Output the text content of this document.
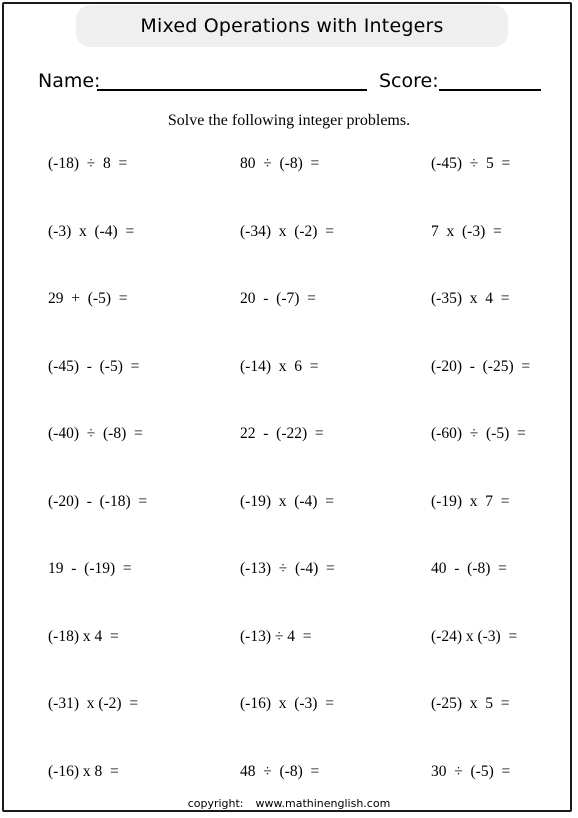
Mixed Operations with Integers
Name:	Score:
Solve the following integer problems.
(-18)  ÷  8  =	80  ÷  (-8)  =	(-45)  ÷  5  =
(-3)  x  (-4)  =	(-34)  x  (-2)  =	7  x  (-3)  =
29  +  (-5)  =	20  -  (-7)  =	(-35)  x  4  =
(-45)  -  (-5)  =	(-14)  x  6  =	(-20)  -  (-25)  =
(-40)  ÷  (-8)  =	22  -  (-22)  =	(-60)  ÷  (-5)  =
(-20)  -  (-18)  =	(-19)  x  (-4)  =	(-19)  x  7  =
19  -  (-19)  =	(-13)  ÷  (-4)  =	40  -  (-8)  =
(-18) x 4  =	(-13) ÷ 4  =	(-24) x (-3)  =
(-31)  x (-2)  =	(-16)  x  (-3)  =	(-25)  x  5  =
(-16) x 8  =	48  ÷  (-8)  =	30  ÷  (-5)  =
copyright: www.mathinenglish.com
